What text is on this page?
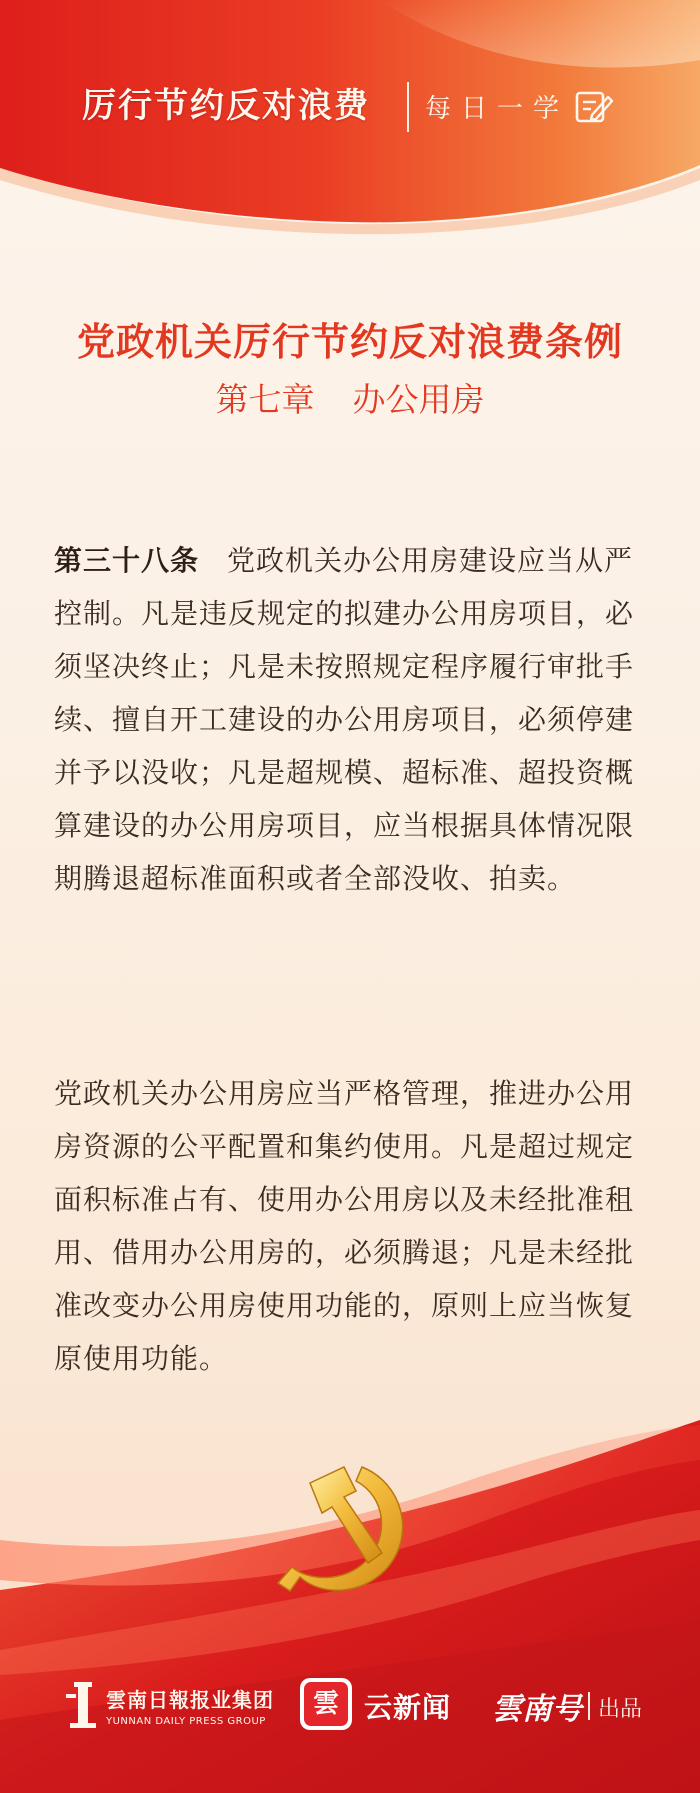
厉行节约反对浪费 每日一学
党政机关厉行节约反对浪费条例
第七章 办公用房

第三十八条 党政机关办公用房建设应当从严控制。凡是违反规定的拟建办公用房项目，必须坚决终止；凡是未按照规定程序履行审批手续、擅自开工建设的办公用房项目，必须停建并予以没收；凡是超规模、超标准、超投资概算建设的办公用房项目，应当根据具体情况限期腾退超标准面积或者全部没收、拍卖。

党政机关办公用房应当严格管理，推进办公用房资源的公平配置和集约使用。凡是超过规定面积标准占有、使用办公用房以及未经批准租用、借用办公用房的，必须腾退；凡是未经批准改变办公用房使用功能的，原则上应当恢复原使用功能。

雲南日報报业集团
YUNNAN DAILY PRESS GROUP
雲 云新闻 雲南号 出品
